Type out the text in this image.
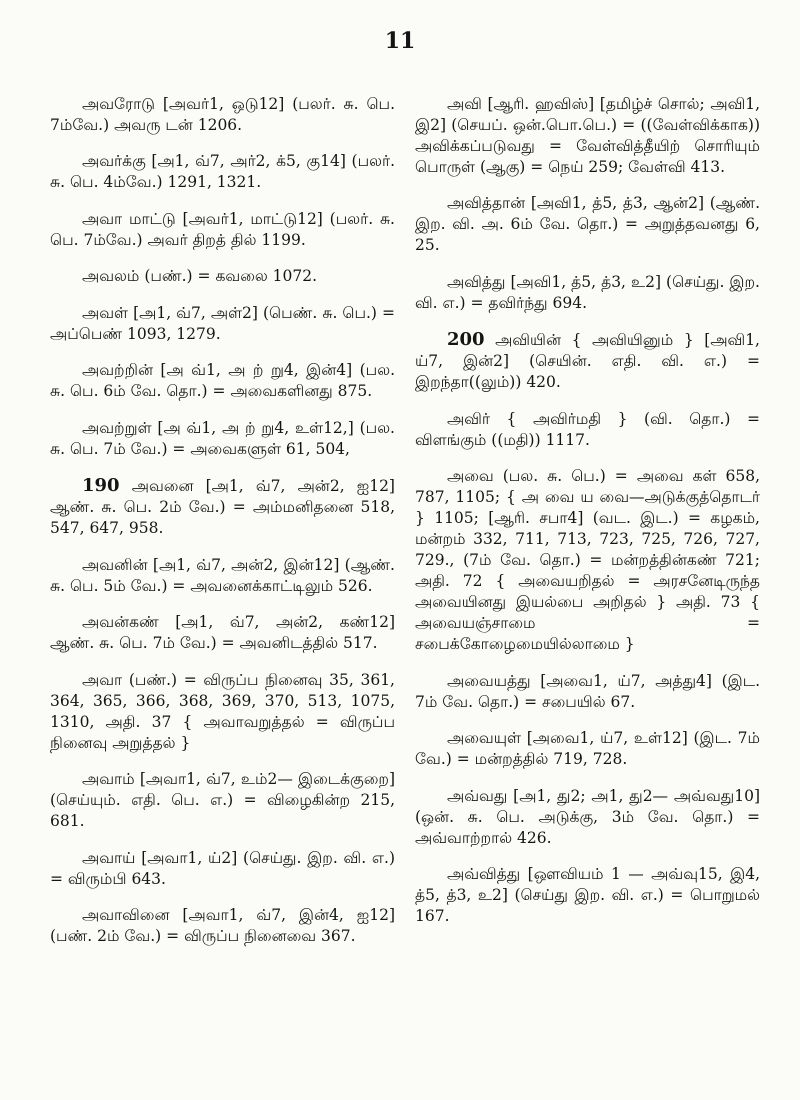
11

அவரோடு [அவர்1, ஒடு12] (பலர். சு. பெ. 7ம்வே.) அவரு டன் 1206.

அவர்க்கு [அ1, வ்7, அர்2, க்5, கு14] (பலர். சு. பெ. 4ம்வே.) 1291, 1321.

அவா மாட்டு [அவர்1, மாட்டு12] (பலர். சு. பெ. 7ம்வே.) அவர் திறத் தில் 1199.

அவலம் (பண்.) = கவலை 1072.

அவள் [அ1, வ்7, அள்2] (பெண். சு. பெ.) = அப்பெண் 1093, 1279.

அவற்றின் [அ வ்1, அ ற் று4, இன்4] (பல. சு. பெ. 6ம் வே. தொ.) = அவைகளினது 875.

அவற்றுள் [அ வ்1, அ ற் று4, உள்12,] (பல. சு. பெ. 7ம் வே.) = அவைகளுள் 61, 504,

190 அவனை [அ1, வ்7, அன்2, ஐ12] ஆண். சு. பெ. 2ம் வே.) = அம்மனிதனை 518, 547, 647, 958.

அவனின் [அ1, வ்7, அன்2, இன்12] (ஆண். சு. பெ. 5ம் வே.) = அவனைக்காட்டிலும் 526.

அவன்கண் [அ1, வ்7, அன்2, கண்12] ஆண். சு. பெ. 7ம் வே.) = அவனிடத்தில் 517.

அவா (பண்.) = விருப்ப நினைவு 35, 361, 364, 365, 366, 368, 369, 370, 513, 1075, 1310, அதி. 37 { அவாவறுத்தல் = விருப்ப நினைவு அறுத்தல் }

அவாம் [அவா1, வ்7, உம்2— இடைக்குறை] (செய்யும். எதி. பெ. எ.) = விழைகின்ற 215, 681.

அவாய் [அவா1, ய்2] (செய்து. இற. வி. எ.) = விரும்பி 643.

அவாவினை [அவா1, வ்7, இன்4, ஐ12] (பண். 2ம் வே.) = விருப்ப நினைவை 367.

அவி [ஆரி. ஹவிஸ்] [தமிழ்ச் சொல்; அவி1, இ2] (செயப். ஒன்.பொ.பெ.) = ((வேள்விக்காக)) அவிக்கப்படுவது = வேள்வித்தீயிற் சொரியும் பொருள் (ஆகு) = நெய் 259; வேள்வி 413.

அவித்தான் [அவி1, த்5, த்3, ஆன்2] (ஆண். இற. வி. அ. 6ம் வே. தொ.) = அறுத்தவனது 6, 25.

அவித்து [அவி1, த்5, த்3, உ2] (செய்து. இற. வி. எ.) = தவிர்ந்து 694.

200 அவியின் { அவியினும் } [அவி1, ய்7, இன்2] (செயின். எதி. வி. எ.) = இறந்தா((லும்)) 420.

அவிர் { அவிர்மதி } (வி. தொ.) = விளங்கும் ((மதி)) 1117.

அவை (பல. சு. பெ.) = அவை கள் 658, 787, 1105; { அ வை ய வை—அடுக்குத்தொடர் } 1105; [ஆரி. சபா4] (வட. இட.) = கழகம், மன்றம் 332, 711, 713, 723, 725, 726, 727, 729., (7ம் வே. தொ.) = மன்றத்தின்கண் 721; அதி. 72 { அவையறிதல் = அரசனேடிருந்த அவையினது இயல்பை அறிதல் } அதி. 73 { அவையஞ்சாமை = சபைக்கோழைமையில்லாமை }

அவையத்து [அவை1, ய்7, அத்து4] (இட. 7ம் வே. தொ.) = சபையில் 67.

அவையுள் [அவை1, ய்7, உள்12] (இட. 7ம் வே.) = மன்றத்தில் 719, 728.

அவ்வது [அ1, து2; அ1, து2— அவ்வது10] (ஒன். சு. பெ. அடுக்கு, 3ம் வே. தொ.) = அவ்வாற்றால் 426.

அவ்வித்து [ஔவியம் 1 — அவ்வு15, இ4, த்5, த்3, உ2] (செய்து இற. வி. எ.) = பொறுமல் 167.
